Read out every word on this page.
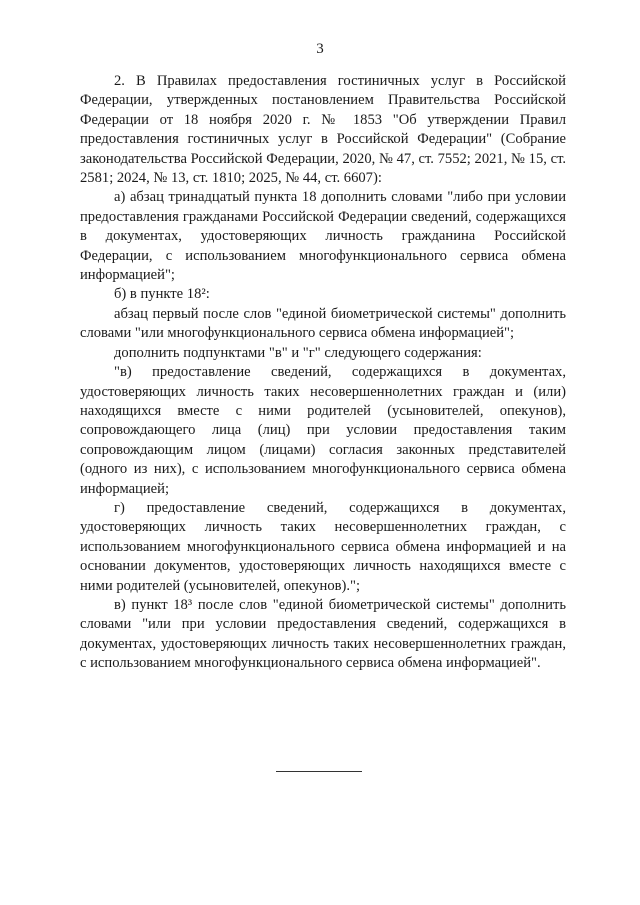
3

2. В Правилах предоставления гостиничных услуг в Российской Федерации, утвержденных постановлением Правительства Российской Федерации от 18 ноября 2020 г. № 1853 "Об утверждении Правил предоставления гостиничных услуг в Российской Федерации" (Собрание законодательства Российской Федерации, 2020, № 47, ст. 7552; 2021, № 15, ст. 2581; 2024, № 13, ст. 1810; 2025, № 44, ст. 6607):

а) абзац тринадцатый пункта 18 дополнить словами "либо при условии предоставления гражданами Российской Федерации сведений, содержащихся в документах, удостоверяющих личность гражданина Российской Федерации, с использованием многофункционального сервиса обмена информацией";

б) в пункте 18²:

абзац первый после слов "единой биометрической системы" дополнить словами "или многофункционального сервиса обмена информацией";

дополнить подпунктами "в" и "г" следующего содержания:

"в) предоставление сведений, содержащихся в документах, удостоверяющих личность таких несовершеннолетних граждан и (или) находящихся вместе с ними родителей (усыновителей, опекунов), сопровождающего лица (лиц) при условии предоставления таким сопровождающим лицом (лицами) согласия законных представителей (одного из них), с использованием многофункционального сервиса обмена информацией;

г) предоставление сведений, содержащихся в документах, удостоверяющих личность таких несовершеннолетних граждан, с использованием многофункционального сервиса обмена информацией и на основании документов, удостоверяющих личность находящихся вместе с ними родителей (усыновителей, опекунов).";

в) пункт 18³ после слов "единой биометрической системы" дополнить словами "или при условии предоставления сведений, содержащихся в документах, удостоверяющих личность таких несовершеннолетних граждан, с использованием многофункционального сервиса обмена информацией".
